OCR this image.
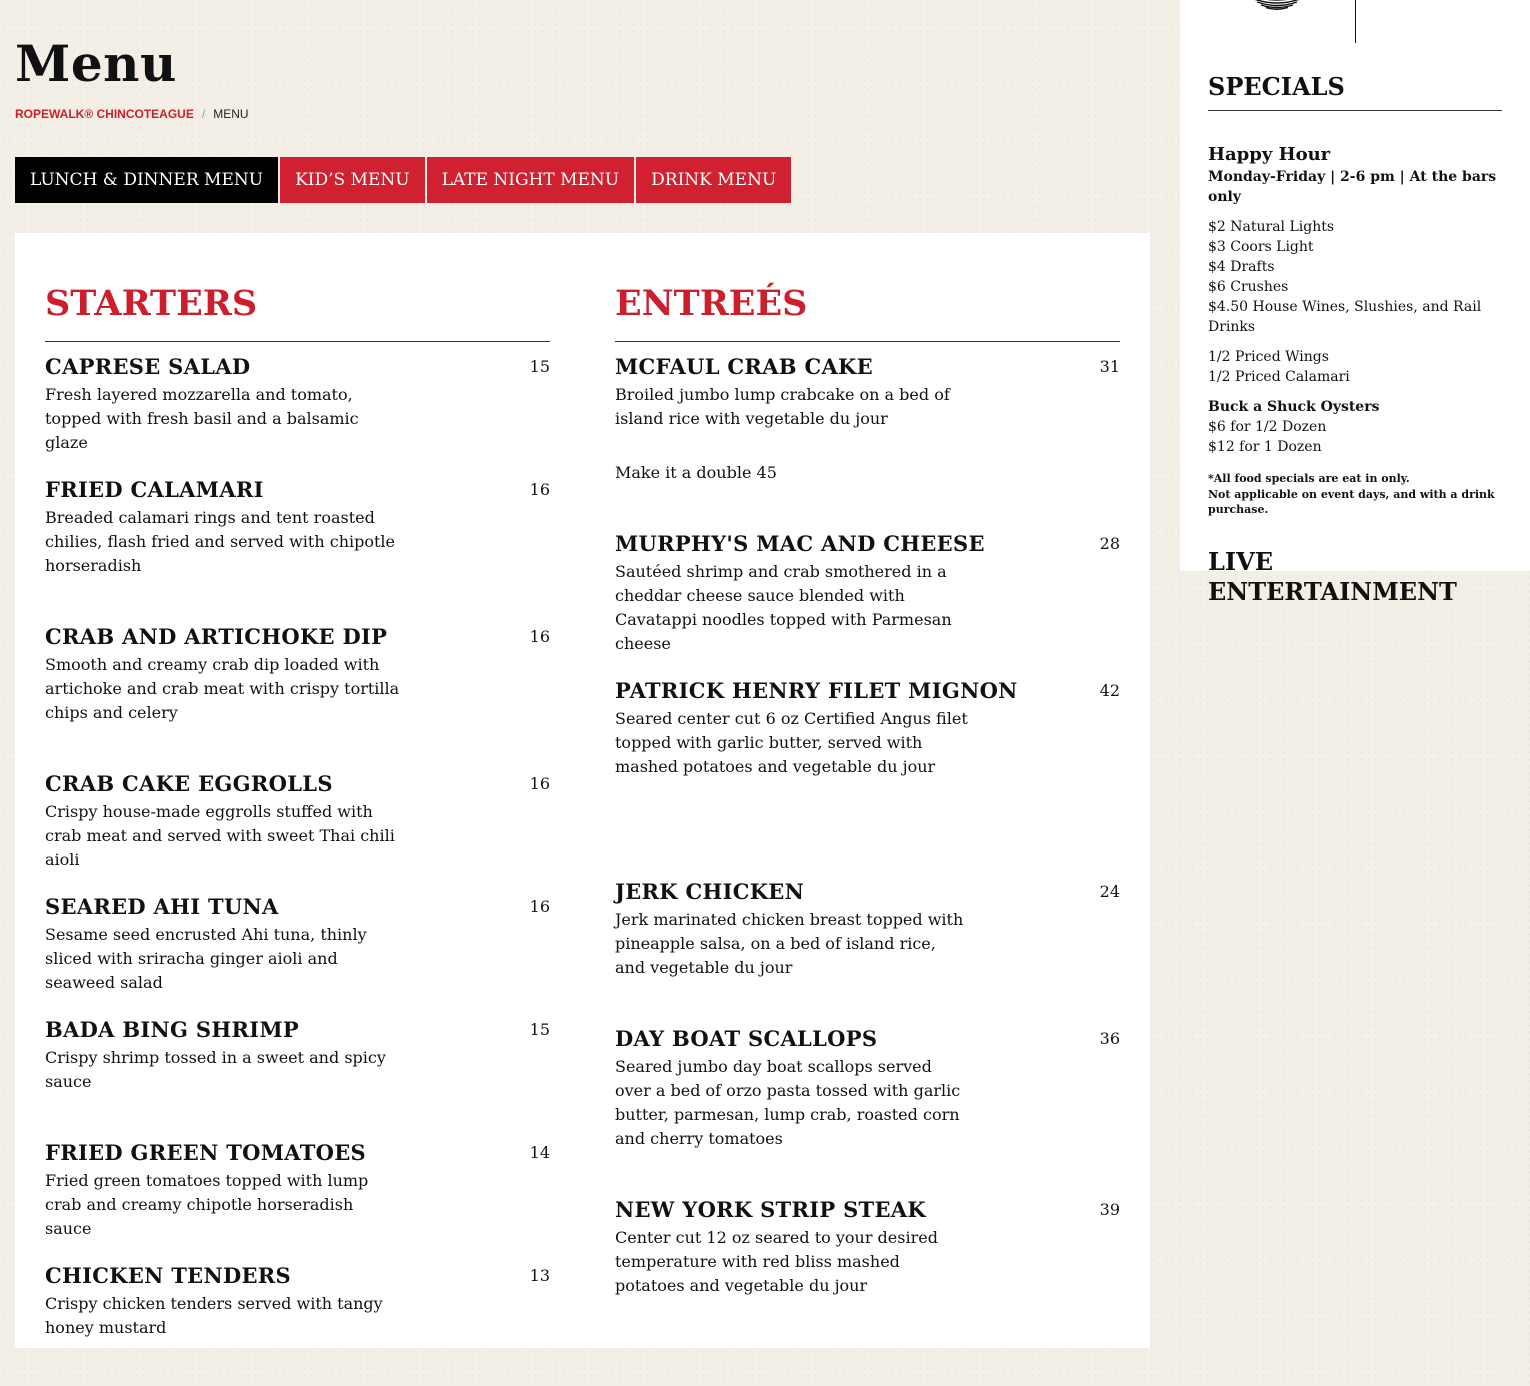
Menu
ROPEWALK® CHINCOTEAGUE / MENU
LUNCH & DINNER MENU	KID’S MENU	LATE NIGHT MENU	DRINK MENU
STARTERS
CAPRESE SALAD	15
Fresh layered mozzarella and tomato, topped with fresh basil and a balsamic glaze
FRIED CALAMARI	16
Breaded calamari rings and tent roasted chilies, flash fried and served with chipotle horseradish
CRAB AND ARTICHOKE DIP	16
Smooth and creamy crab dip loaded with artichoke and crab meat with crispy tortilla chips and celery
CRAB CAKE EGGROLLS	16
Crispy house-made eggrolls stuffed with crab meat and served with sweet Thai chili aioli
SEARED AHI TUNA	16
Sesame seed encrusted Ahi tuna, thinly sliced with sriracha ginger aioli and seaweed salad
BADA BING SHRIMP	15
Crispy shrimp tossed in a sweet and spicy sauce
FRIED GREEN TOMATOES	14
Fried green tomatoes topped with lump crab and creamy chipotle horseradish sauce
CHICKEN TENDERS	13
Crispy chicken tenders served with tangy honey mustard
ENTREÉS
MCFAUL CRAB CAKE	31
Broiled jumbo lump crabcake on a bed of island rice with vegetable du jour
Make it a double 45
MURPHY'S MAC AND CHEESE	28
Sautéed shrimp and crab smothered in a cheddar cheese sauce blended with Cavatappi noodles topped with Parmesan cheese
PATRICK HENRY FILET MIGNON	42
Seared center cut 6 oz Certified Angus filet topped with garlic butter, served with mashed potatoes and vegetable du jour
JERK CHICKEN	24
Jerk marinated chicken breast topped with pineapple salsa, on a bed of island rice, and vegetable du jour
DAY BOAT SCALLOPS	36
Seared jumbo day boat scallops served over a bed of orzo pasta tossed with garlic butter, parmesan, lump crab, roasted corn and cherry tomatoes
NEW YORK STRIP STEAK	39
Center cut 12 oz seared to your desired temperature with red bliss mashed potatoes and vegetable du jour
SPECIALS
Happy Hour
Monday-Friday | 2-6 pm | At the bars only
$2 Natural Lights
$3 Coors Light
$4 Drafts
$6 Crushes
$4.50 House Wines, Slushies, and Rail Drinks
1/2 Priced Wings
1/2 Priced Calamari
Buck a Shuck Oysters
$6 for 1/2 Dozen
$12 for 1 Dozen
*All food specials are eat in only.
Not applicable on event days, and with a drink purchase.
LIVE ENTERTAINMENT
